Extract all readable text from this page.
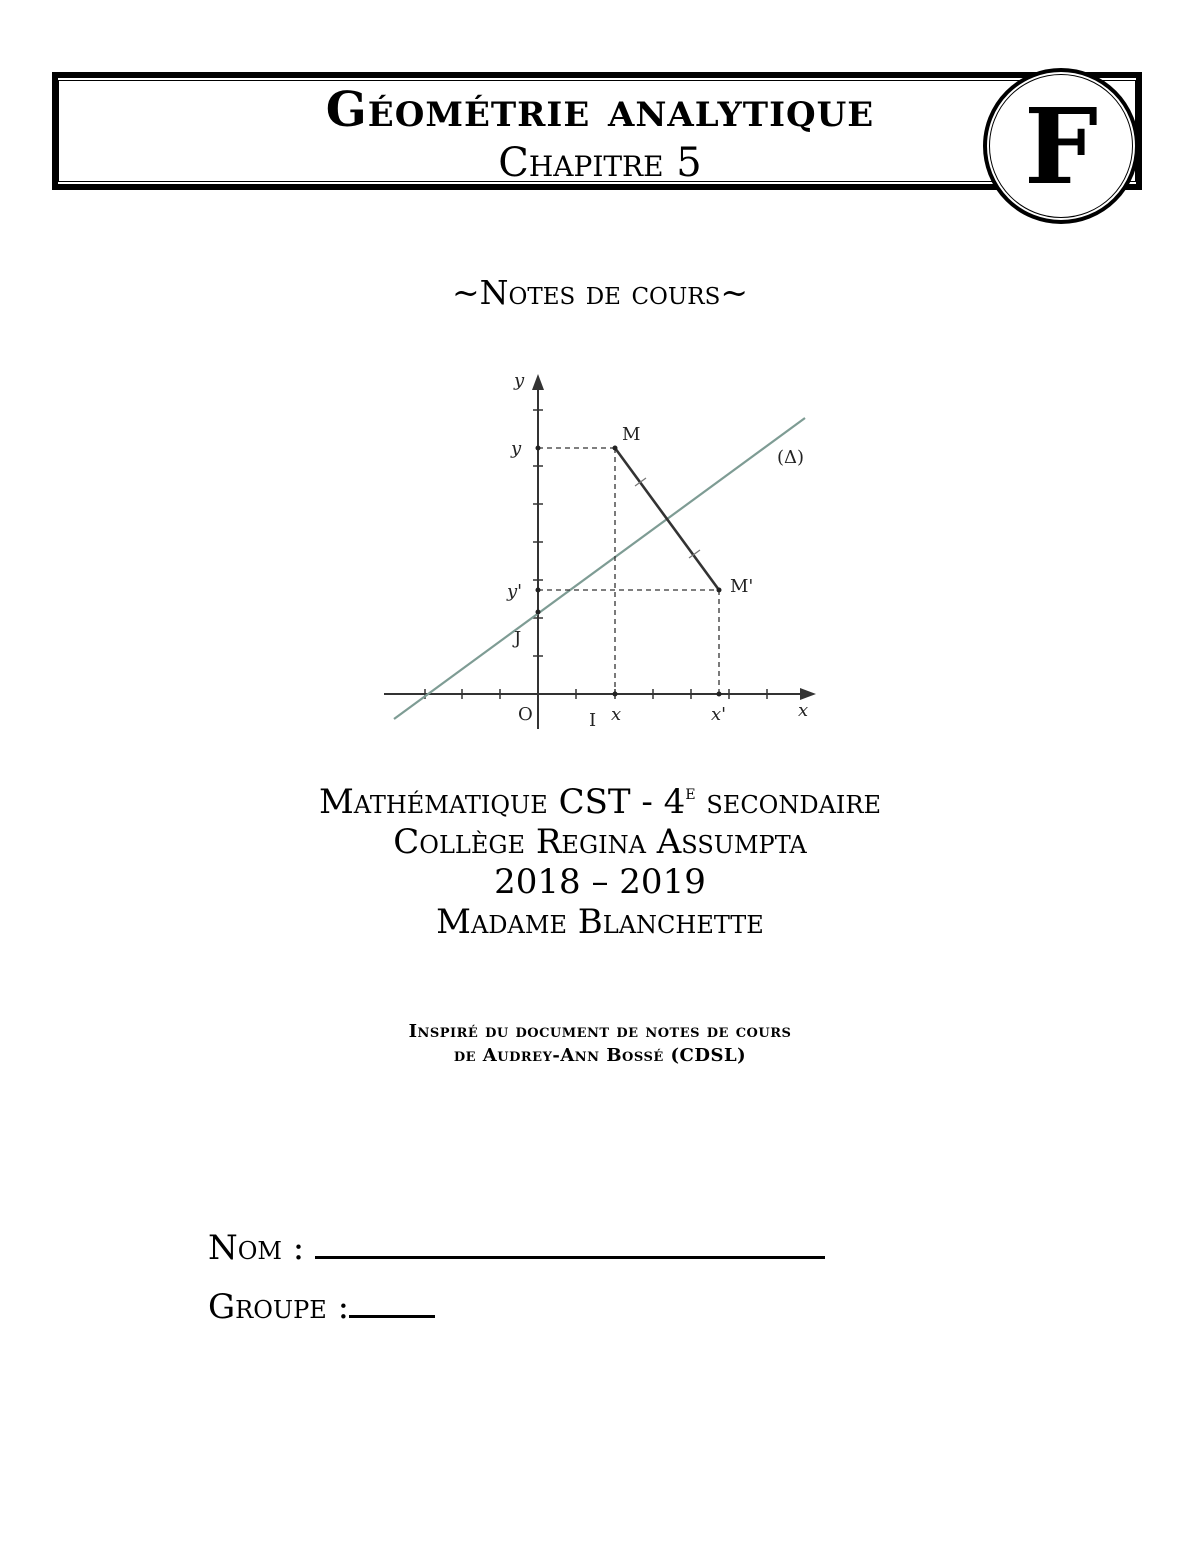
Géométrie analytique
Chapitre 5	F
~Notes de cours~
y
x
M
M'
(Δ)
y
y'
J
O	I x	x'
Mathématique CST - 4e secondaire
Collège Regina Assumpta
2018 – 2019
Madame Blanchette
Inspiré du document de notes de cours
de Audrey-Ann Bossé (CDSL)
Nom :
Groupe :
